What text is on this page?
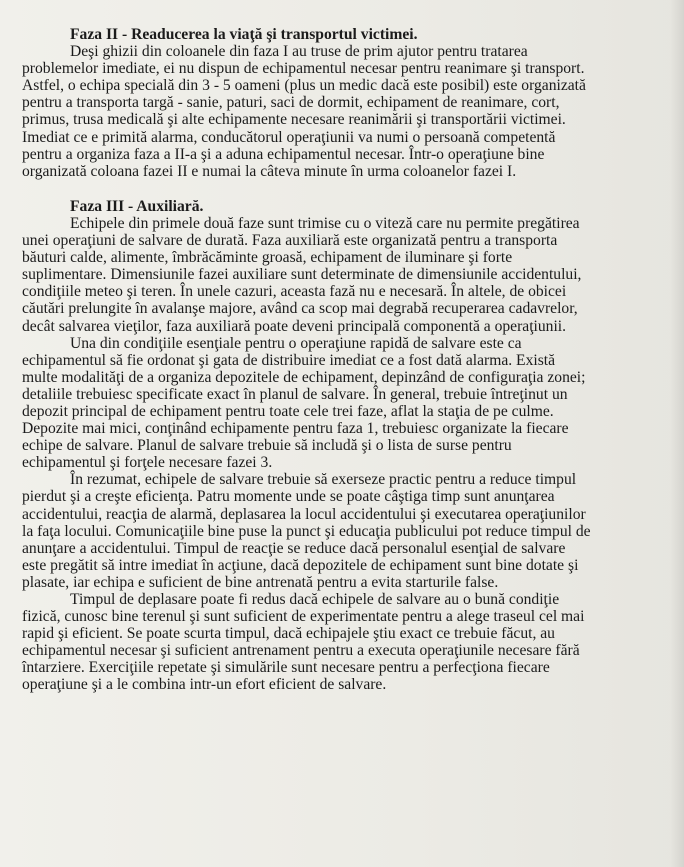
Faza II - Readucerea la viaţă şi transportul victimei.
Deşi ghizii din coloanele din faza I au truse de prim ajutor pentru tratarea
problemelor imediate, ei nu dispun de echipamentul necesar pentru reanimare şi transport.
Astfel, o echipa specială din 3 - 5 oameni (plus un medic dacă este posibil) este organizată
pentru a transporta targă - sanie, paturi, saci de dormit, echipament de reanimare, cort,
primus, trusa medicală şi alte echipamente necesare reanimării şi transportării victimei.
Imediat ce e primită alarma, conducătorul operaţiunii va numi o persoană competentă
pentru a organiza faza a II-a şi a aduna echipamentul necesar. Într-o operaţiune bine
organizată coloana fazei II e numai la câteva minute în urma coloanelor fazei I.
Faza III - Auxiliară.
Echipele din primele două faze sunt trimise cu o viteză care nu permite pregătirea
unei operaţiuni de salvare de durată. Faza auxiliară este organizată pentru a transporta
băuturi calde, alimente, îmbrăcăminte groasă, echipament de iluminare şi forte
suplimentare. Dimensiunile fazei auxiliare sunt determinate de dimensiunile accidentului,
condiţiile meteo şi teren. În unele cazuri, aceasta fază nu e necesară. În altele, de obicei
căutări prelungite în avalanşe majore, având ca scop mai degrabă recuperarea cadavrelor,
decât salvarea vieţilor, faza auxiliară poate deveni principală componentă a operaţiunii.
Una din condiţiile esenţiale pentru o operaţiune rapidă de salvare este ca
echipamentul să fie ordonat şi gata de distribuire imediat ce a fost dată alarma. Există
multe modalităţi de a organiza depozitele de echipament, depinzând de configuraţia zonei;
detaliile trebuiesc specificate exact în planul de salvare. În general, trebuie întreţinut un
depozit principal de echipament pentru toate cele trei faze, aflat la staţia de pe culme.
Depozite mai mici, conţinând echipamente pentru faza 1, trebuiesc organizate la fiecare
echipe de salvare. Planul de salvare trebuie să includă şi o lista de surse pentru
echipamentul şi forţele necesare fazei 3.
În rezumat, echipele de salvare trebuie să exerseze practic pentru a reduce timpul
pierdut şi a creşte eficienţa. Patru momente unde se poate câştiga timp sunt anunţarea
accidentului, reacţia de alarmă, deplasarea la locul accidentului şi executarea operaţiunilor
la faţa locului. Comunicaţiile bine puse la punct şi educaţia publicului pot reduce timpul de
anunţare a accidentului. Timpul de reacţie se reduce dacă personalul esenţial de salvare
este pregătit să intre imediat în acţiune, dacă depozitele de echipament sunt bine dotate şi
plasate, iar echipa e suficient de bine antrenată pentru a evita starturile false.
Timpul de deplasare poate fi redus dacă echipele de salvare au o bună condiţie
fizică, cunosc bine terenul şi sunt suficient de experimentate pentru a alege traseul cel mai
rapid şi eficient. Se poate scurta timpul, dacă echipajele ştiu exact ce trebuie făcut, au
echipamentul necesar şi suficient antrenament pentru a executa operaţiunile necesare fără
întarziere. Exerciţiile repetate şi simulările sunt necesare pentru a perfecţiona fiecare
operaţiune şi a le combina intr-un efort eficient de salvare.
